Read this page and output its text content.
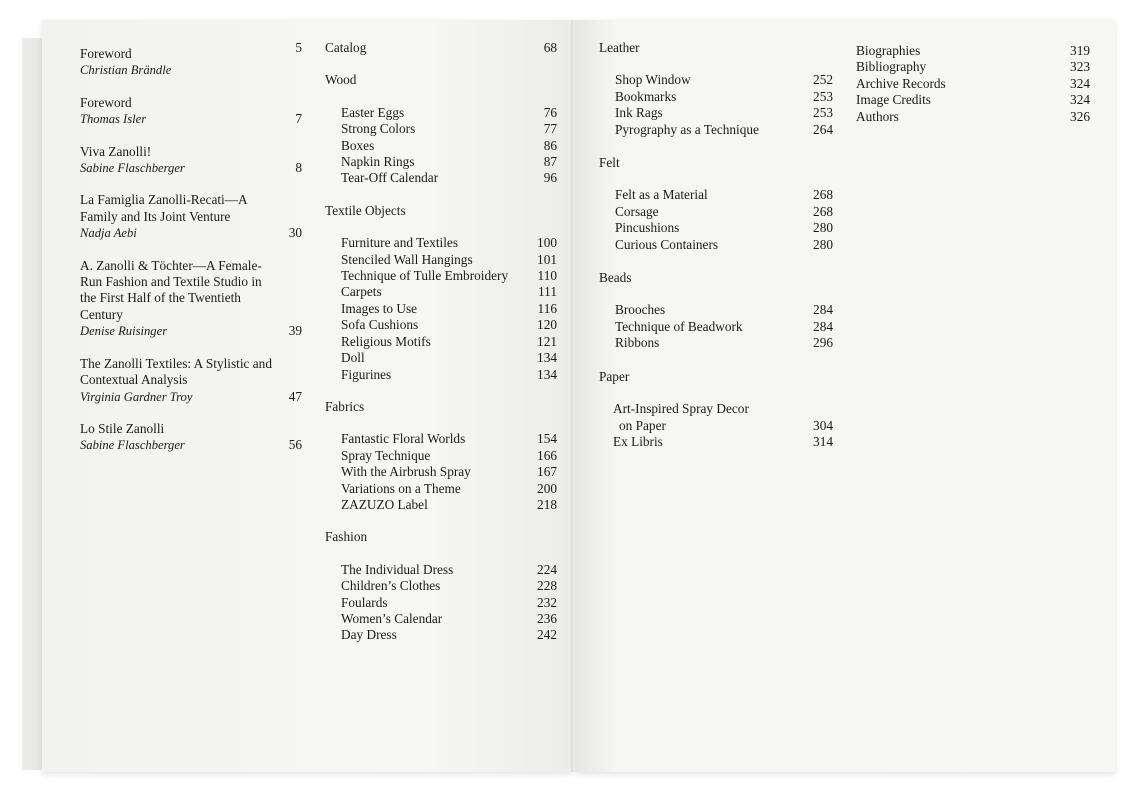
Foreword
Christian Brändle
5
Foreword
Thomas Isler	7
Viva Zanolli!
Sabine Flaschberger	8
La Famiglia Zanolli-Recati—A Family and Its Joint Venture
Nadja Aebi	30
A. Zanolli & Töchter—A Female-Run Fashion and Textile Studio in the First Half of the Twentieth Century
Denise Ruisinger	39
The Zanolli Textiles: A Stylistic and Contextual Analysis
Virginia Gardner Troy	47
Lo Stile Zanolli
Sabine Flaschberger	56
Catalog	68
Wood
Easter Eggs	76
Strong Colors	77
Boxes	86
Napkin Rings	87
Tear-Off Calendar	96
Textile Objects
Furniture and Textiles	100
Stenciled Wall Hangings	101
Technique of Tulle Embroidery 110
Carpets	111
Images to Use	116
Sofa Cushions	120
Religious Motifs	121
Doll	134
Figurines	134
Fabrics
Fantastic Floral Worlds	154
Spray Technique	166
With the Airbrush Spray	167
Variations on a Theme	200
ZAZUZO Label	218
Fashion
The Individual Dress	224
Children’s Clothes	228
Foulards	232
Women’s Calendar	236
Day Dress	242
Leather
Shop Window	252
Bookmarks	253
Ink Rags	253
Pyrography as a Technique	264
Felt
Felt as a Material	268
Corsage	268
Pincushions	280
Curious Containers	280
Beads
Brooches	284
Technique of Beadwork	284
Ribbons	296
Paper
Art-Inspired Spray Decor
on Paper	304
Ex Libris	314
Biographies	319
Bibliography	323
Archive Records	324
Image Credits	324
Authors	326
